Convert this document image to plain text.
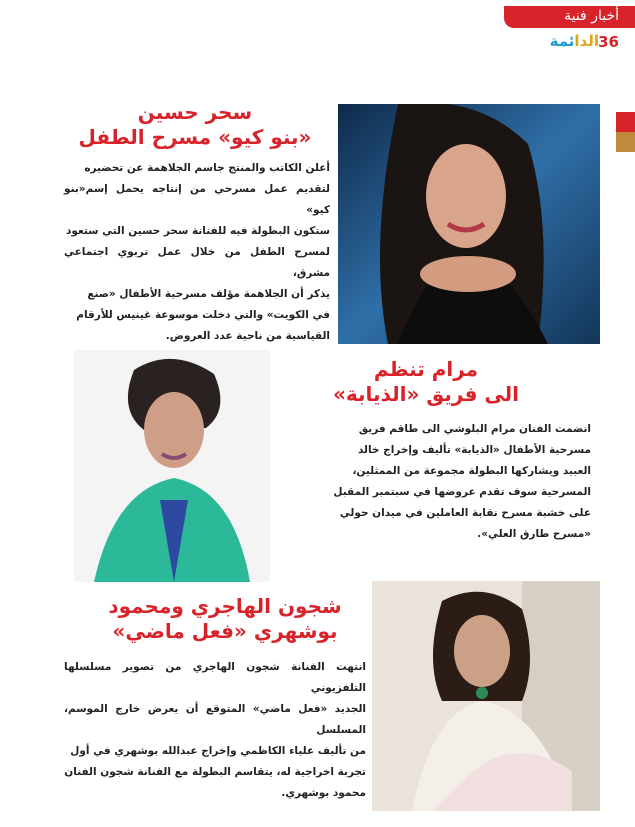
أخبار فنية
الدائمة	36
سحر حسين
«بنو كيو» مسرح الطفل

أعلن الكاتب والمنتج جاسم الجلاهمة عن تحضيره

لتقديم عمل مسرحي من إنتاجه يحمل إسم«بنو كيو»

ستكون البطولة فيه للفنانة سحر حسين التي ستعود

لمسرح الطفل من خلال عمل تربوي اجتماعي مشرق،

يذكر أن الجلاهمة مؤلف مسرحية الأطفال «صنع

في الكويت» والتي دخلت موسوعة غينيس للأرقام

القياسية من ناحية عدد العروض.

مرام تنظم
الى فريق «الذيابة»

انضمت الفنان مرام البلوشي الى طاقم فريق

مسرحية الأطفال «الذيابة» تأليف وإخراج خالد

العبيد ويشاركها البطولة مجموعة من الممثلين،

المسرحية سوف تقدم عروضها في سبتمبر المقبل

على خشبة مسرح نقابة العاملين في ميدان حولي

«مسرح طارق العلي».

شجون الهاجري ومحمود
بوشهري «فعل ماضي»

انتهت الفنانة شجون الهاجري من تصوير مسلسلها التلفزيوني

الجديد «فعل ماضي» المتوقع أن يعرض خارج الموسم، المسلسل

من تأليف علياء الكاظمي وإخراج عبدالله بوشهري في أول

تجربة اخراجية له، يتقاسم البطولة مع الفنانة شجون الفنان

محمود بوشهري.
